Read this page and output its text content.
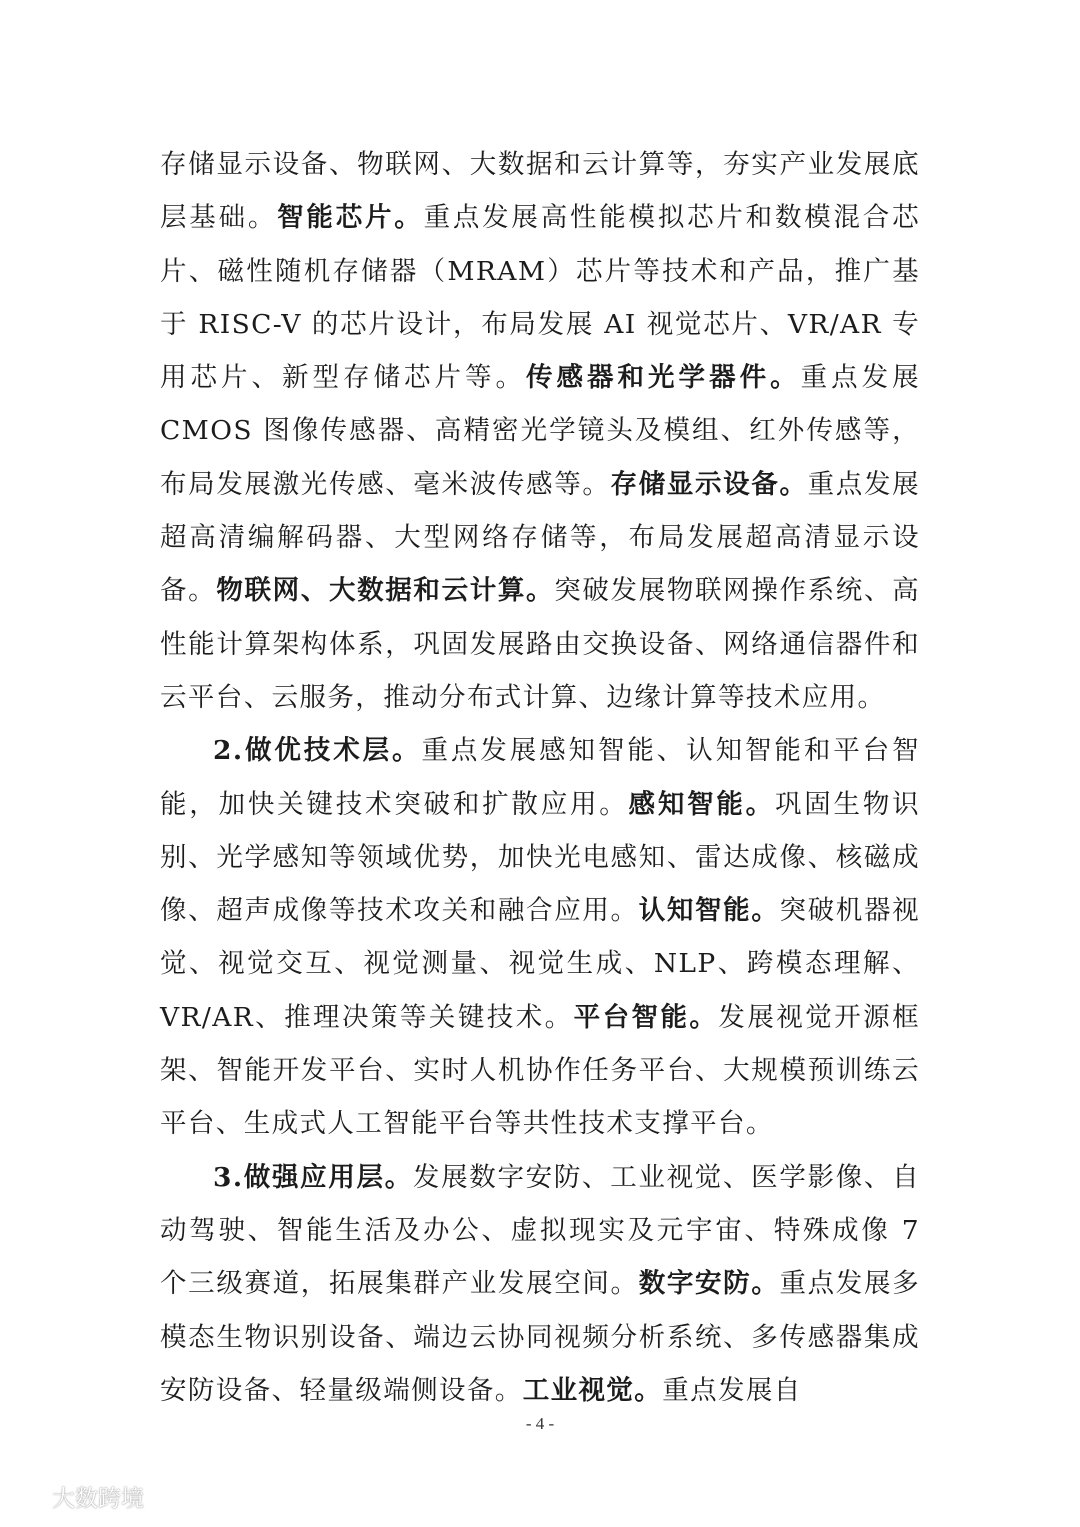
存储显示设备、物联网、大数据和云计算等，夯实产业发展底层基础。智能芯片。重点发展高性能模拟芯片和数模混合芯片、磁性随机存储器（MRAM）芯片等技术和产品，推广基于 RISC-V 的芯片设计，布局发展 AI 视觉芯片、VR/AR 专用芯片、新型存储芯片等。传感器和光学器件。重点发展 CMOS 图像传感器、高精密光学镜头及模组、红外传感等，布局发展激光传感、毫米波传感等。存储显示设备。重点发展超高清编解码器、大型网络存储等，布局发展超高清显示设备。物联网、大数据和云计算。突破发展物联网操作系统、高性能计算架构体系，巩固发展路由交换设备、网络通信器件和云平台、云服务，推动分布式计算、边缘计算等技术应用。

2.做优技术层。重点发展感知智能、认知智能和平台智能，加快关键技术突破和扩散应用。感知智能。巩固生物识别、光学感知等领域优势，加快光电感知、雷达成像、核磁成像、超声成像等技术攻关和融合应用。认知智能。突破机器视觉、视觉交互、视觉测量、视觉生成、NLP、跨模态理解、VR/AR、推理决策等关键技术。平台智能。发展视觉开源框架、智能开发平台、实时人机协作任务平台、大规模预训练云平台、生成式人工智能平台等共性技术支撑平台。

3.做强应用层。发展数字安防、工业视觉、医学影像、自动驾驶、智能生活及办公、虚拟现实及元宇宙、特殊成像 7 个三级赛道，拓展集群产业发展空间。数字安防。重点发展多模态生物识别设备、端边云协同视频分析系统、多传感器集成安防设备、轻量级端侧设备。工业视觉。重点发展自

- 4 -
大数跨境
